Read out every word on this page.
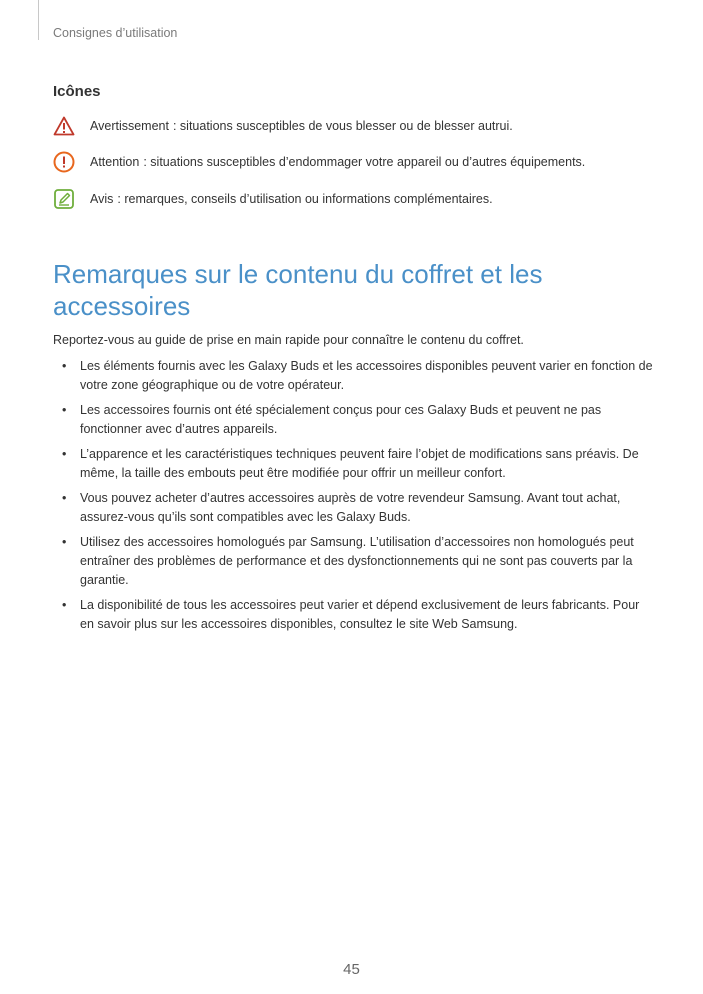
Consignes d’utilisation
Icônes
Avertissement : situations susceptibles de vous blesser ou de blesser autrui.
Attention : situations susceptibles d’endommager votre appareil ou d’autres équipements.
Avis : remarques, conseils d’utilisation ou informations complémentaires.
Remarques sur le contenu du coffret et les
accessoires
Reportez-vous au guide de prise en main rapide pour connaître le contenu du coffret.
• Les éléments fournis avec les Galaxy Buds et les accessoires disponibles peuvent varier en fonction de votre zone géographique ou de votre opérateur.
• Les accessoires fournis ont été spécialement conçus pour ces Galaxy Buds et peuvent ne pas fonctionner avec d’autres appareils.
• L’apparence et les caractéristiques techniques peuvent faire l’objet de modifications sans préavis. De même, la taille des embouts peut être modifiée pour offrir un meilleur confort.
• Vous pouvez acheter d’autres accessoires auprès de votre revendeur Samsung. Avant tout achat, assurez-vous qu’ils sont compatibles avec les Galaxy Buds.
• Utilisez des accessoires homologués par Samsung. L’utilisation d’accessoires non homologués peut entraîner des problèmes de performance et des dysfonctionnements qui ne sont pas couverts par la garantie.
• La disponibilité de tous les accessoires peut varier et dépend exclusivement de leurs fabricants. Pour en savoir plus sur les accessoires disponibles, consultez le site Web Samsung.
45
